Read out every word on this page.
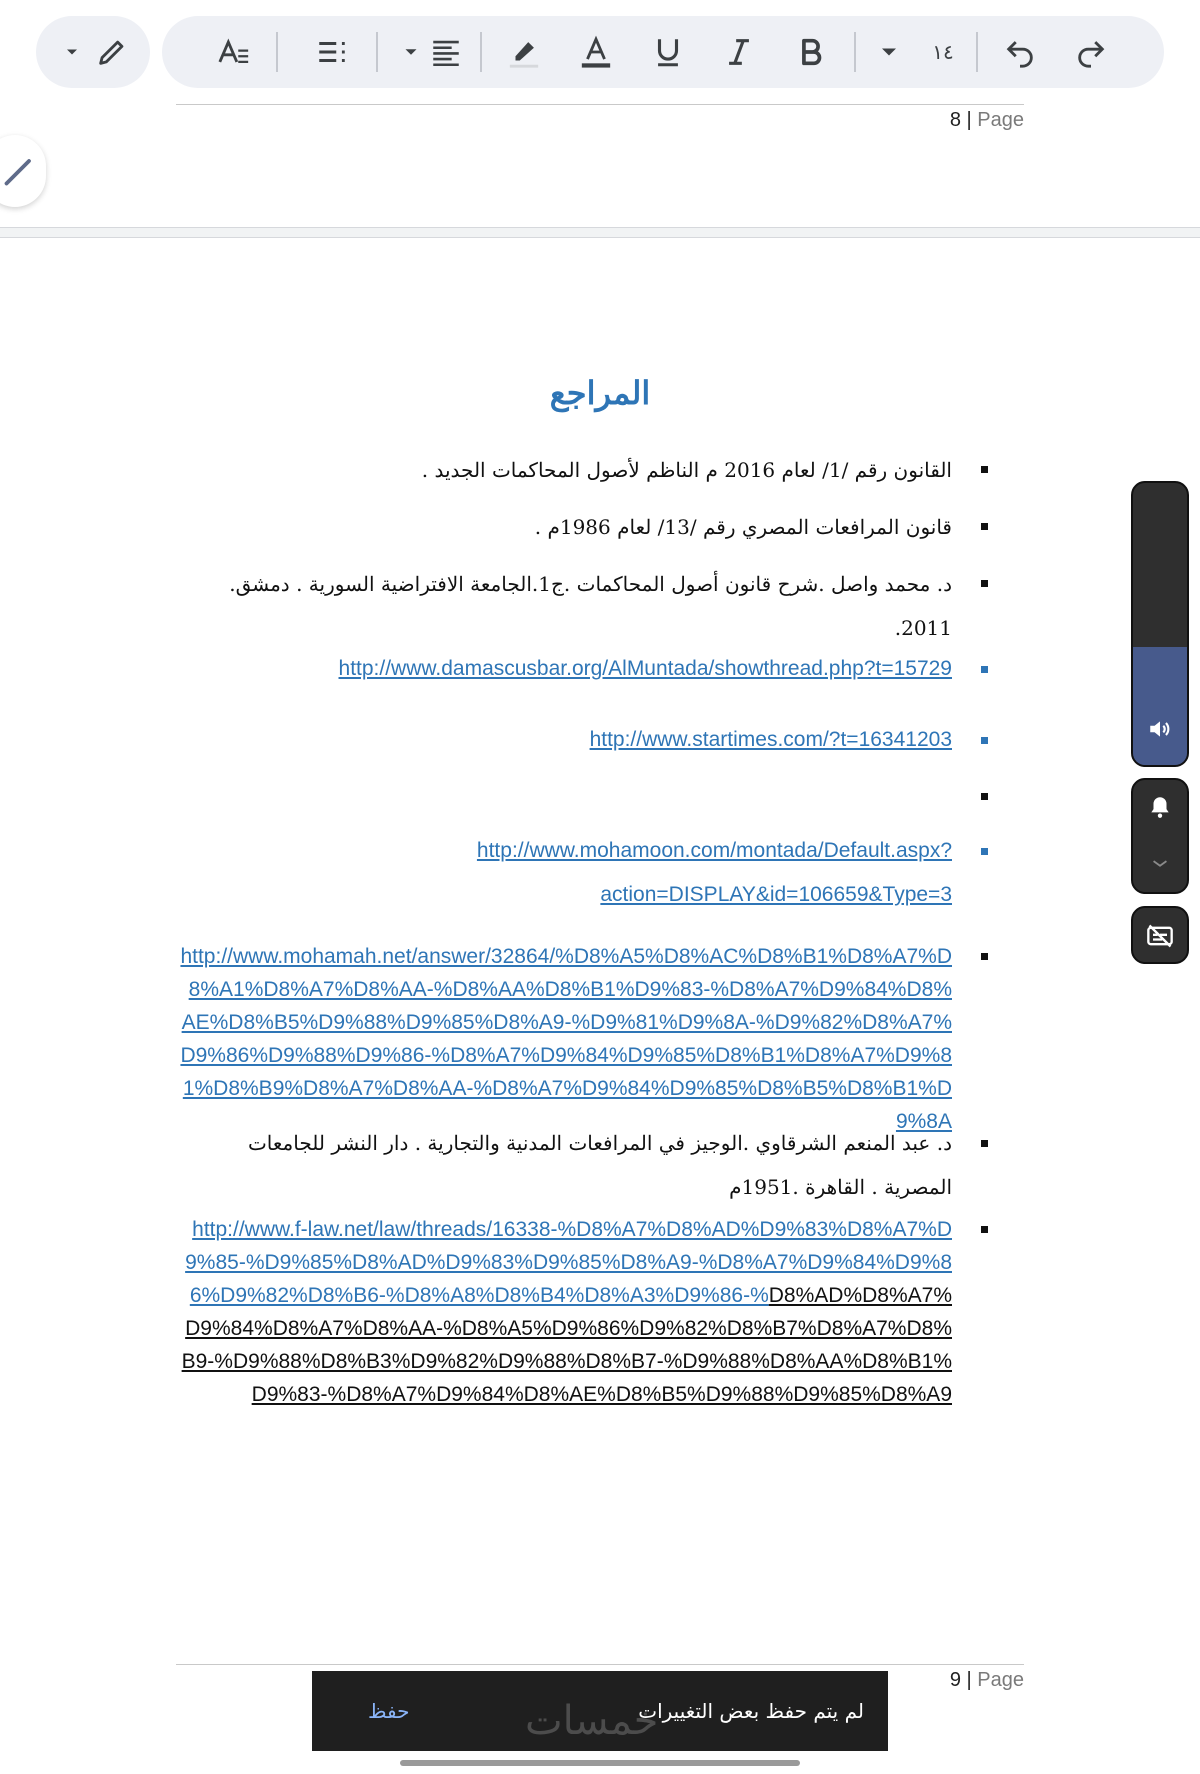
١٤
8 | Page
9 | Page
المراجع
القانون رقم /1/ لعام 2016 م الناظم لأصول المحاكمات الجديد .
قانون المرافعات المصري رقم /13/ لعام 1986م .
د. محمد واصل .شرح قانون أصول المحاكمات .ج1.الجامعة الافتراضية السورية . دمشق. 2011.
http://www.damascusbar.org/AlMuntada/showthread.php?t=15729
http://www.startimes.com/?t=16341203
http://www.mohamoon.com/montada/Default.aspx?action=DISPLAY&id=106659&Type=3
http://www.mohamah.net/answer/32864/%D8%A5%D8%AC%D8%B1%D8%A7%D8%A1%D8%A7%D8%AA-%D8%AA%D8%B1%D9%83-%D8%A7%D9%84%D8%AE%D8%B5%D9%88%D9%85%D8%A9-%D9%81%D9%8A-%D9%82%D8%A7%D9%86%D9%88%D9%86-%D8%A7%D9%84%D9%85%D8%B1%D8%A7%D9%81%D8%B9%D8%A7%D8%AA-%D8%A7%D9%84%D9%85%D8%B5%D8%B1%D9%8A
د. عبد المنعم الشرقاوي .الوجيز في المرافعات المدنية والتجارية . دار النشر للجامعات المصرية . القاهرة .1951م
http://www.f-law.net/law/threads/16338-%D8%A7%D8%AD%D9%83%D8%A7%D9%85-%D9%85%D8%AD%D9%83%D9%85%D8%A9-%D8%A7%D9%84%D9%86%D9%82%D8%B6-%D8%A8%D8%B4%D8%A3%D9%86-%D8%AD%D8%A7%D9%84%D8%A7%D8%AA-%D8%A5%D9%86%D9%82%D8%B7%D8%A7%D8%B9-%D9%88%D8%B3%D9%82%D9%88%D8%B7-%D9%88%D8%AA%D8%B1%D9%83-%D8%A7%D9%84%D8%AE%D8%B5%D9%88%D9%85%D8%A9
حفظ	لم يتم حفظ بعض التغييرات
خمسات
